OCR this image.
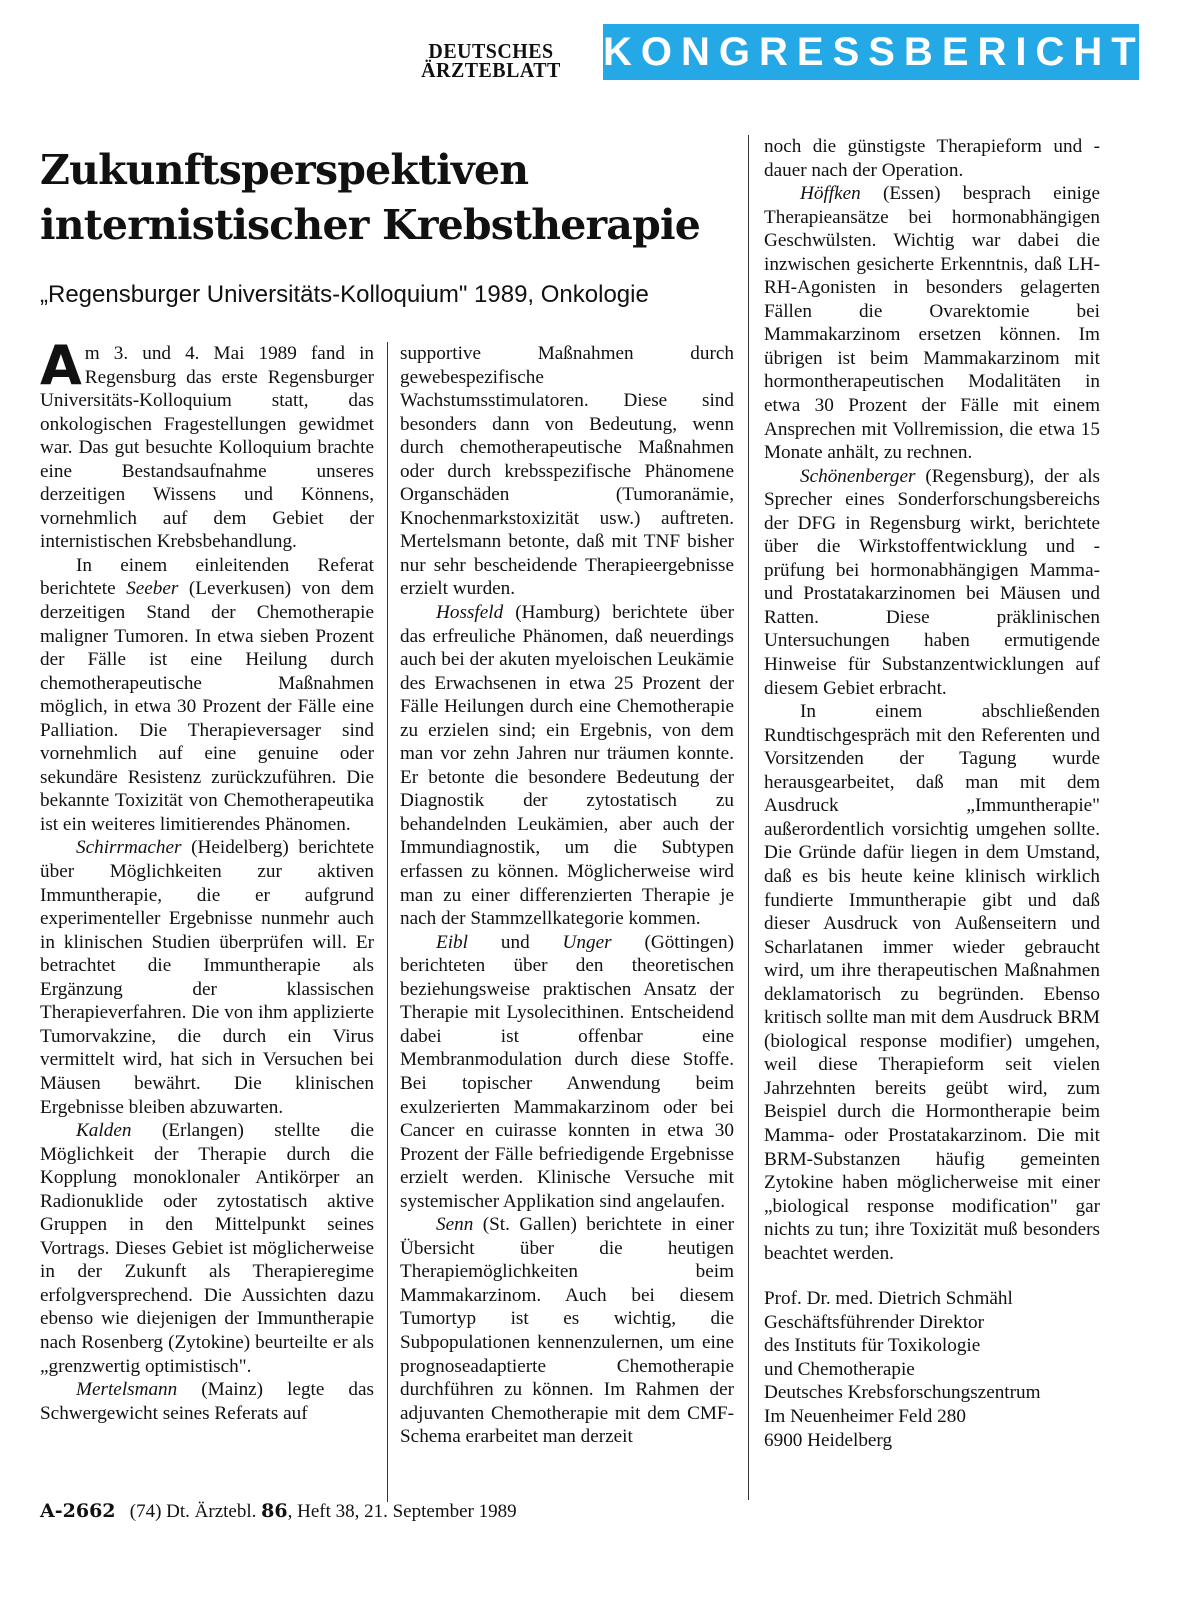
DEUTSCHES
ÄRZTEBLATT KONGRESSBERICHT
Zukunftsperspektiven
internistischer Krebstherapie
„Regensburger Universitäts-Kolloquium" 1989, Onkologie

Am 3. und 4. Mai 1989 fand in Regensburg das erste Regensburger Universitäts-Kolloquium statt, das onkologischen Fragestellungen gewidmet war. Das gut besuchte Kolloquium brachte eine Bestandsaufnahme unseres derzeitigen Wissens und Könnens, vornehmlich auf dem Gebiet der internistischen Krebsbehandlung.

In einem einleitenden Referat berichtete Seeber (Leverkusen) von dem derzeitigen Stand der Chemotherapie maligner Tumoren. In etwa sieben Prozent der Fälle ist eine Heilung durch chemotherapeutische Maßnahmen möglich, in etwa 30 Prozent der Fälle eine Palliation. Die Therapieversager sind vornehmlich auf eine genuine oder sekundäre Resistenz zurückzuführen. Die bekannte Toxizität von Chemotherapeutika ist ein weiteres limitierendes Phänomen.

Schirrmacher (Heidelberg) berichtete über Möglichkeiten zur aktiven Immuntherapie, die er aufgrund experimenteller Ergebnisse nunmehr auch in klinischen Studien überprüfen will. Er betrachtet die Immuntherapie als Ergänzung der klassischen Therapieverfahren. Die von ihm applizierte Tumorvakzine, die durch ein Virus vermittelt wird, hat sich in Versuchen bei Mäusen bewährt. Die klinischen Ergebnisse bleiben abzuwarten.

Kalden (Erlangen) stellte die Möglichkeit der Therapie durch die Kopplung monoklonaler Antikörper an Radionuklide oder zytostatisch aktive Gruppen in den Mittelpunkt seines Vortrags. Dieses Gebiet ist möglicherweise in der Zukunft als Therapieregime erfolgversprechend. Die Aussichten dazu ebenso wie diejenigen der Immuntherapie nach Rosenberg (Zytokine) beurteilte er als „grenzwertig optimistisch".

Mertelsmann (Mainz) legte das Schwergewicht seines Referats auf

supportive Maßnahmen durch gewebespezifische Wachstumsstimulatoren. Diese sind besonders dann von Bedeutung, wenn durch chemotherapeutische Maßnahmen oder durch krebsspezifische Phänomene Organschäden (Tumoranämie, Knochenmarkstoxizität usw.) auftreten. Mertelsmann betonte, daß mit TNF bisher nur sehr bescheidende Therapieergebnisse erzielt wurden.

Hossfeld (Hamburg) berichtete über das erfreuliche Phänomen, daß neuerdings auch bei der akuten myeloischen Leukämie des Erwachsenen in etwa 25 Prozent der Fälle Heilungen durch eine Chemotherapie zu erzielen sind; ein Ergebnis, von dem man vor zehn Jahren nur träumen konnte. Er betonte die besondere Bedeutung der Diagnostik der zytostatisch zu behandelnden Leukämien, aber auch der Immundiagnostik, um die Subtypen erfassen zu können. Möglicherweise wird man zu einer differenzierten Therapie je nach der Stammzellkategorie kommen.

Eibl und Unger (Göttingen) berichteten über den theoretischen beziehungsweise praktischen Ansatz der Therapie mit Lysolecithinen. Entscheidend dabei ist offenbar eine Membranmodulation durch diese Stoffe. Bei topischer Anwendung beim exulzerierten Mammakarzinom oder bei Cancer en cuirasse konnten in etwa 30 Prozent der Fälle befriedigende Ergebnisse erzielt werden. Klinische Versuche mit systemischer Applikation sind angelaufen.

Senn (St. Gallen) berichtete in einer Übersicht über die heutigen Therapiemöglichkeiten beim Mammakarzinom. Auch bei diesem Tumortyp ist es wichtig, die Subpopulationen kennenzulernen, um eine prognoseadaptierte Chemotherapie durchführen zu können. Im Rahmen der adjuvanten Chemotherapie mit dem CMF-Schema erarbeitet man derzeit

noch die günstigste Therapieform und -dauer nach der Operation.

Höffken (Essen) besprach einige Therapieansätze bei hormonabhängigen Geschwülsten. Wichtig war dabei die inzwischen gesicherte Erkenntnis, daß LH-RH-Agonisten in besonders gelagerten Fällen die Ovarektomie bei Mammakarzinom ersetzen können. Im übrigen ist beim Mammakarzinom mit hormontherapeutischen Modalitäten in etwa 30 Prozent der Fälle mit einem Ansprechen mit Vollremission, die etwa 15 Monate anhält, zu rechnen.

Schönenberger (Regensburg), der als Sprecher eines Sonderforschungsbereichs der DFG in Regensburg wirkt, berichtete über die Wirkstoffentwicklung und -prüfung bei hormonabhängigen Mamma- und Prostatakarzinomen bei Mäusen und Ratten. Diese präklinischen Untersuchungen haben ermutigende Hinweise für Substanzentwicklungen auf diesem Gebiet erbracht.

In einem abschließenden Rundtischgespräch mit den Referenten und Vorsitzenden der Tagung wurde herausgearbeitet, daß man mit dem Ausdruck „Immuntherapie" außerordentlich vorsichtig umgehen sollte. Die Gründe dafür liegen in dem Umstand, daß es bis heute keine klinisch wirklich fundierte Immuntherapie gibt und daß dieser Ausdruck von Außenseitern und Scharlatanen immer wieder gebraucht wird, um ihre therapeutischen Maßnahmen deklamatorisch zu begründen. Ebenso kritisch sollte man mit dem Ausdruck BRM (biological response modifier) umgehen, weil diese Therapieform seit vielen Jahrzehnten bereits geübt wird, zum Beispiel durch die Hormontherapie beim Mamma- oder Prostatakarzinom. Die mit BRM-Substanzen häufig gemeinten Zytokine haben möglicherweise mit einer „biological response modification" gar nichts zu tun; ihre Toxizität muß besonders beachtet werden.

Prof. Dr. med. Dietrich Schmähl
Geschäftsführender Direktor
des Instituts für Toxikologie
und Chemotherapie
Deutsches Krebsforschungszentrum
Im Neuenheimer Feld 280
6900 Heidelberg
A-2662 (74) Dt. Ärztebl. 86, Heft 38, 21. September 1989
